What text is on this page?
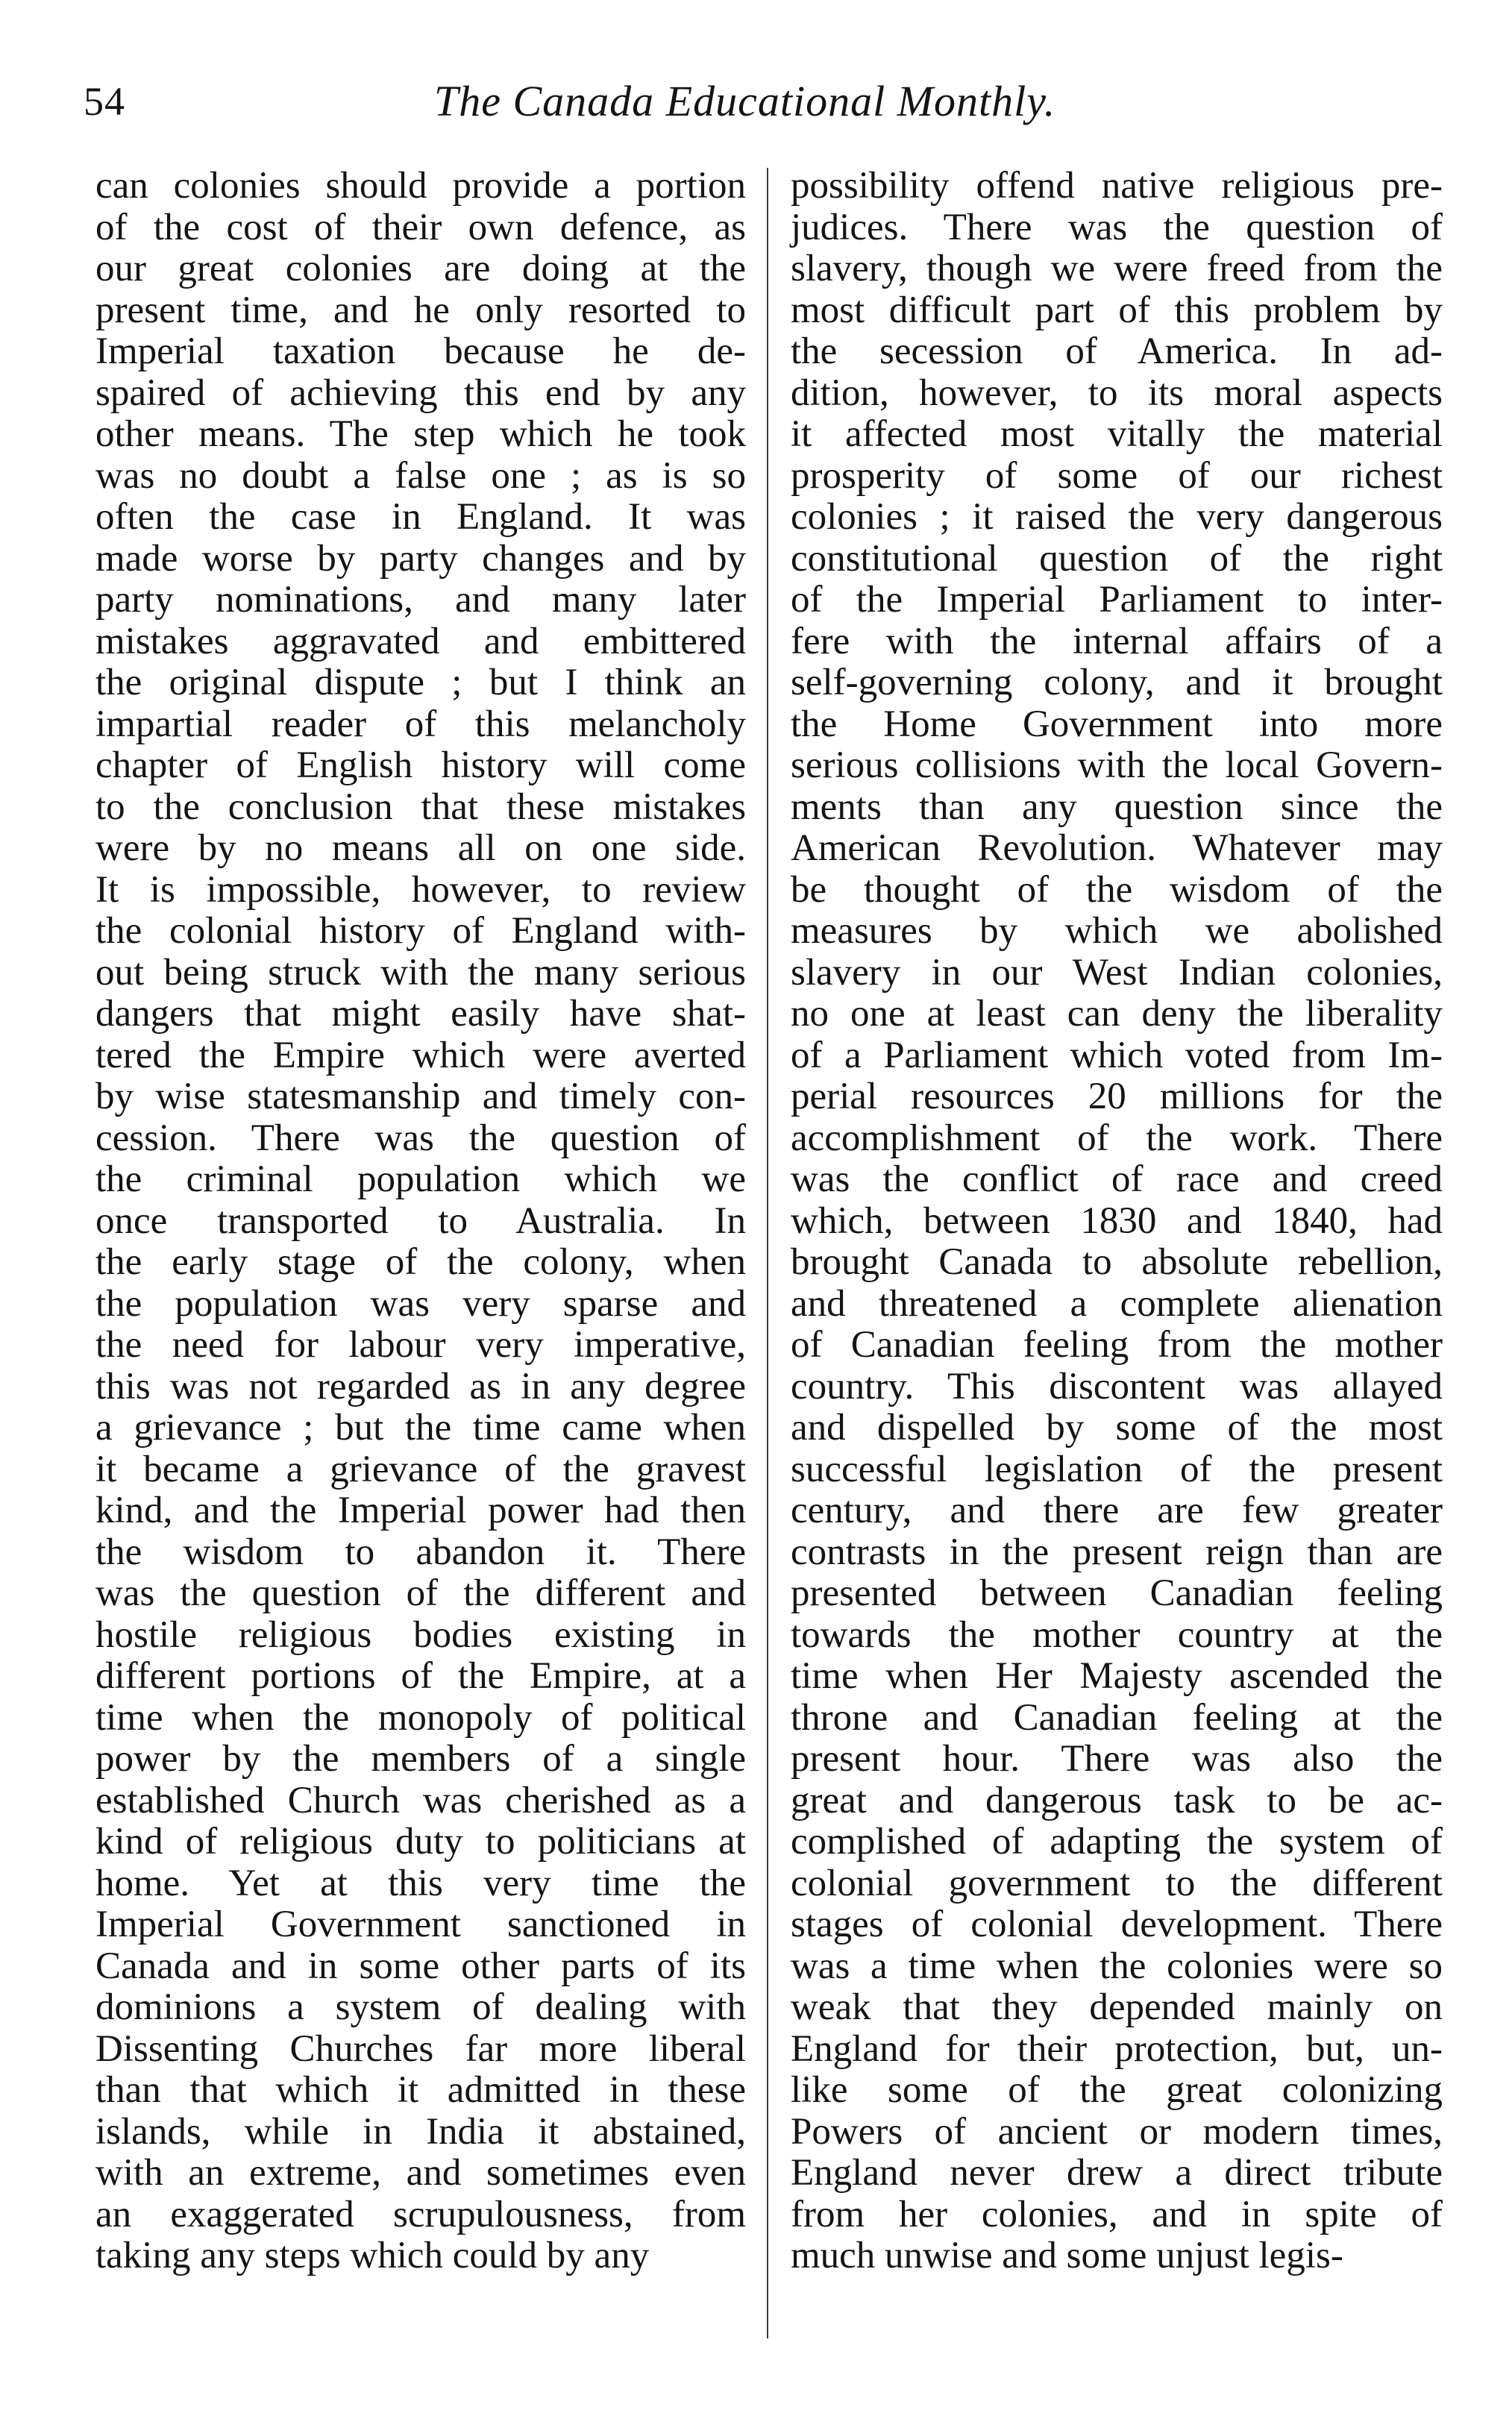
54	The Canada Educational Monthly.
can colonies should provide a portion
of the cost of their own defence, as
our great colonies are doing at the
present time, and he only resorted to
Imperial taxation because he de-
spaired of achieving this end by any
other means. The step which he took
was no doubt a false one ; as is so
often the case in England. It was
made worse by party changes and by
party nominations, and many later
mistakes aggravated and embittered
the original dispute ; but I think an
impartial reader of this melancholy
chapter of English history will come
to the conclusion that these mistakes
were by no means all on one side.
It is impossible, however, to review
the colonial history of England with-
out being struck with the many serious
dangers that might easily have shat-
tered the Empire which were averted
by wise statesmanship and timely con-
cession. There was the question of
the criminal population which we
once transported to Australia. In
the early stage of the colony, when
the population was very sparse and
the need for labour very imperative,
this was not regarded as in any degree
a grievance ; but the time came when
it became a grievance of the gravest
kind, and the Imperial power had then
the wisdom to abandon it. There
was the question of the different and
hostile religious bodies existing in
different portions of the Empire, at a
time when the monopoly of political
power by the members of a single
established Church was cherished as a
kind of religious duty to politicians at
home. Yet at this very time the
Imperial Government sanctioned in
Canada and in some other parts of its
dominions a system of dealing with
Dissenting Churches far more liberal
than that which it admitted in these
islands, while in India it abstained,
with an extreme, and sometimes even
an exaggerated scrupulousness, from
taking any steps which could by any
possibility offend native religious pre-
judices. There was the question of
slavery, though we were freed from the
most difficult part of this problem by
the secession of America. In ad-
dition, however, to its moral aspects
it affected most vitally the material
prosperity of some of our richest
colonies ; it raised the very dangerous
constitutional question of the right
of the Imperial Parliament to inter-
fere with the internal affairs of a
self-governing colony, and it brought
the Home Government into more
serious collisions with the local Govern-
ments than any question since the
American Revolution. Whatever may
be thought of the wisdom of the
measures by which we abolished
slavery in our West Indian colonies,
no one at least can deny the liberality
of a Parliament which voted from Im-
perial resources 20 millions for the
accomplishment of the work. There
was the conflict of race and creed
which, between 1830 and 1840, had
brought Canada to absolute rebellion,
and threatened a complete alienation
of Canadian feeling from the mother
country. This discontent was allayed
and dispelled by some of the most
successful legislation of the present
century, and there are few greater
contrasts in the present reign than are
presented between Canadian feeling
towards the mother country at the
time when Her Majesty ascended the
throne and Canadian feeling at the
present hour. There was also the
great and dangerous task to be ac-
complished of adapting the system of
colonial government to the different
stages of colonial development. There
was a time when the colonies were so
weak that they depended mainly on
England for their protection, but, un-
like some of the great colonizing
Powers of ancient or modern times,
England never drew a direct tribute
from her colonies, and in spite of
much unwise and some unjust legis-
